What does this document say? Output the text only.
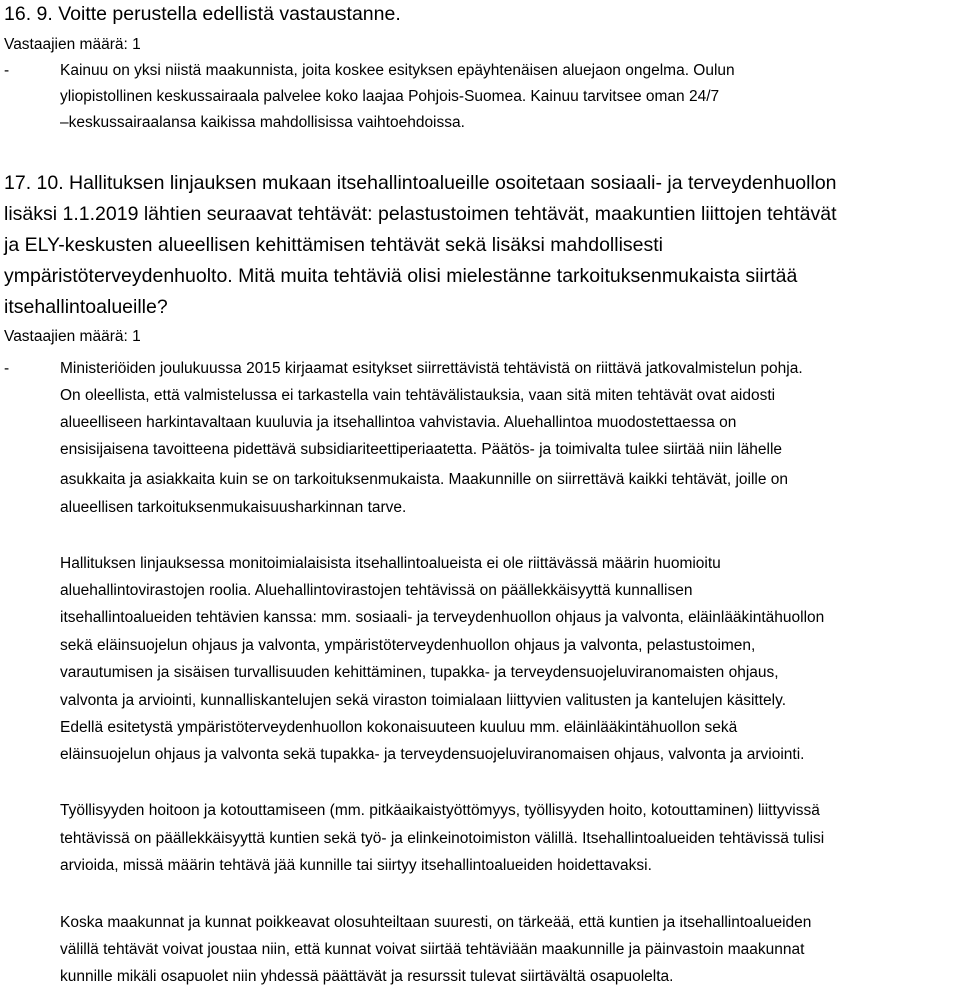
16. 9. Voitte perustella edellistä vastaustanne.
Vastaajien määrä: 1
-	Kainuu on yksi niistä maakunnista, joita koskee esityksen epäyhtenäisen aluejaon ongelma. Oulun
yliopistollinen keskussairaala palvelee koko laajaa Pohjois-Suomea. Kainuu tarvitsee oman 24/7
–keskussairaalansa kaikissa mahdollisissa vaihtoehdoissa.
17. 10. Hallituksen linjauksen mukaan itsehallintoalueille osoitetaan sosiaali- ja terveydenhuollon
lisäksi 1.1.2019 lähtien seuraavat tehtävät: pelastustoimen tehtävät, maakuntien liittojen tehtävät
ja ELY-keskusten alueellisen kehittämisen tehtävät sekä lisäksi mahdollisesti
ympäristöterveydenhuolto. Mitä muita tehtäviä olisi mielestänne tarkoituksenmukaista siirtää
itsehallintoalueille?
Vastaajien määrä: 1
-	Ministeriöiden joulukuussa 2015 kirjaamat esitykset siirrettävistä tehtävistä on riittävä jatkovalmistelun pohja.
On oleellista, että valmistelussa ei tarkastella vain tehtävälistauksia, vaan sitä miten tehtävät ovat aidosti
alueelliseen harkintavaltaan kuuluvia ja itsehallintoa vahvistavia. Aluehallintoa muodostettaessa on
ensisijaisena tavoitteena pidettävä subsidiariteettiperiaatetta. Päätös- ja toimivalta tulee siirtää niin lähelle
asukkaita ja asiakkaita kuin se on tarkoituksenmukaista. Maakunnille on siirrettävä kaikki tehtävät, joille on
alueellisen tarkoituksenmukaisuusharkinnan tarve.
Hallituksen linjauksessa monitoimialaisista itsehallintoalueista ei ole riittävässä määrin huomioitu
aluehallintovirastojen roolia. Aluehallintovirastojen tehtävissä on päällekkäisyyttä kunnallisen
itsehallintoalueiden tehtävien kanssa: mm. sosiaali- ja terveydenhuollon ohjaus ja valvonta, eläinlääkintähuollon
sekä eläinsuojelun ohjaus ja valvonta, ympäristöterveydenhuollon ohjaus ja valvonta, pelastustoimen,
varautumisen ja sisäisen turvallisuuden kehittäminen, tupakka- ja terveydensuojeluviranomaisten ohjaus,
valvonta ja arviointi, kunnalliskantelujen sekä viraston toimialaan liittyvien valitusten ja kantelujen käsittely.
Edellä esitetystä ympäristöterveydenhuollon kokonaisuuteen kuuluu mm. eläinlääkintähuollon sekä
eläinsuojelun ohjaus ja valvonta sekä tupakka- ja terveydensuojeluviranomaisen ohjaus, valvonta ja arviointi.
Työllisyyden hoitoon ja kotouttamiseen (mm. pitkäaikaistyöttömyys, työllisyyden hoito, kotouttaminen) liittyvissä
tehtävissä on päällekkäisyyttä kuntien sekä työ- ja elinkeinotoimiston välillä. Itsehallintoalueiden tehtävissä tulisi
arvioida, missä määrin tehtävä jää kunnille tai siirtyy itsehallintoalueiden hoidettavaksi.
Koska maakunnat ja kunnat poikkeavat olosuhteiltaan suuresti, on tärkeää, että kuntien ja itsehallintoalueiden
välillä tehtävät voivat joustaa niin, että kunnat voivat siirtää tehtäviään maakunnille ja päinvastoin maakunnat
kunnille mikäli osapuolet niin yhdessä päättävät ja resurssit tulevat siirtävältä osapuolelta.
